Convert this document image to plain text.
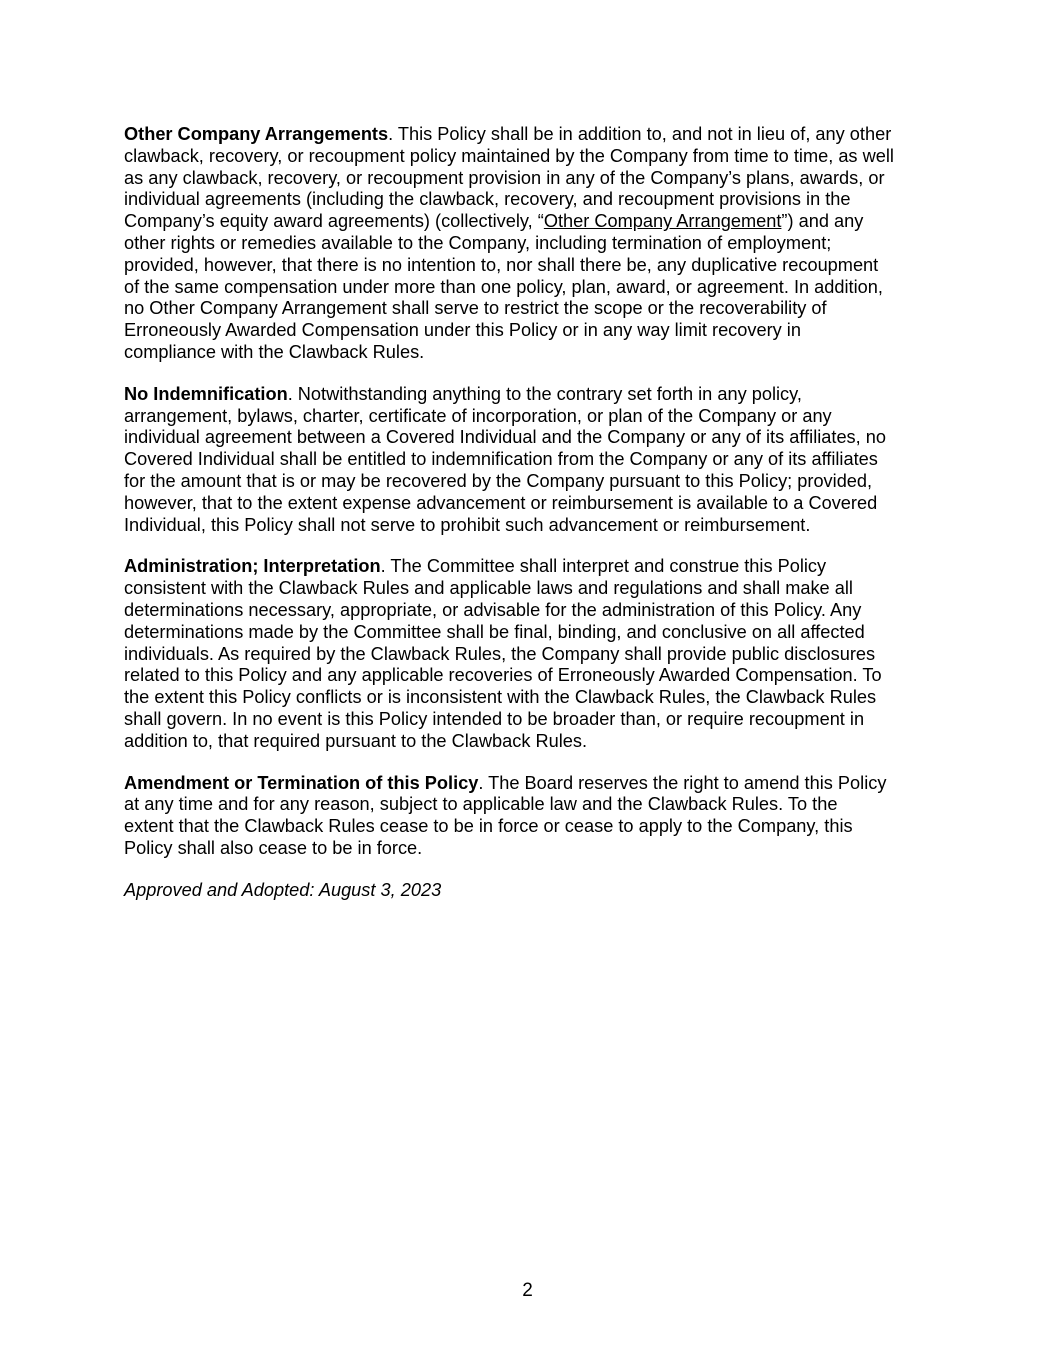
Other Company Arrangements. This Policy shall be in addition to, and not in lieu of, any other
clawback, recovery, or recoupment policy maintained by the Company from time to time, as well
as any clawback, recovery, or recoupment provision in any of the Company’s plans, awards, or
individual agreements (including the clawback, recovery, and recoupment provisions in the
Company’s equity award agreements) (collectively, “Other Company Arrangement”) and any
other rights or remedies available to the Company, including termination of employment;
provided, however, that there is no intention to, nor shall there be, any duplicative recoupment
of the same compensation under more than one policy, plan, award, or agreement. In addition,
no Other Company Arrangement shall serve to restrict the scope or the recoverability of
Erroneously Awarded Compensation under this Policy or in any way limit recovery in
compliance with the Clawback Rules.

No Indemnification. Notwithstanding anything to the contrary set forth in any policy,
arrangement, bylaws, charter, certificate of incorporation, or plan of the Company or any
individual agreement between a Covered Individual and the Company or any of its affiliates, no
Covered Individual shall be entitled to indemnification from the Company or any of its affiliates
for the amount that is or may be recovered by the Company pursuant to this Policy; provided,
however, that to the extent expense advancement or reimbursement is available to a Covered
Individual, this Policy shall not serve to prohibit such advancement or reimbursement.

Administration; Interpretation. The Committee shall interpret and construe this Policy
consistent with the Clawback Rules and applicable laws and regulations and shall make all
determinations necessary, appropriate, or advisable for the administration of this Policy. Any
determinations made by the Committee shall be final, binding, and conclusive on all affected
individuals. As required by the Clawback Rules, the Company shall provide public disclosures
related to this Policy and any applicable recoveries of Erroneously Awarded Compensation. To
the extent this Policy conflicts or is inconsistent with the Clawback Rules, the Clawback Rules
shall govern. In no event is this Policy intended to be broader than, or require recoupment in
addition to, that required pursuant to the Clawback Rules.

Amendment or Termination of this Policy. The Board reserves the right to amend this Policy
at any time and for any reason, subject to applicable law and the Clawback Rules. To the
extent that the Clawback Rules cease to be in force or cease to apply to the Company, this
Policy shall also cease to be in force.

Approved and Adopted: August 3, 2023

2
